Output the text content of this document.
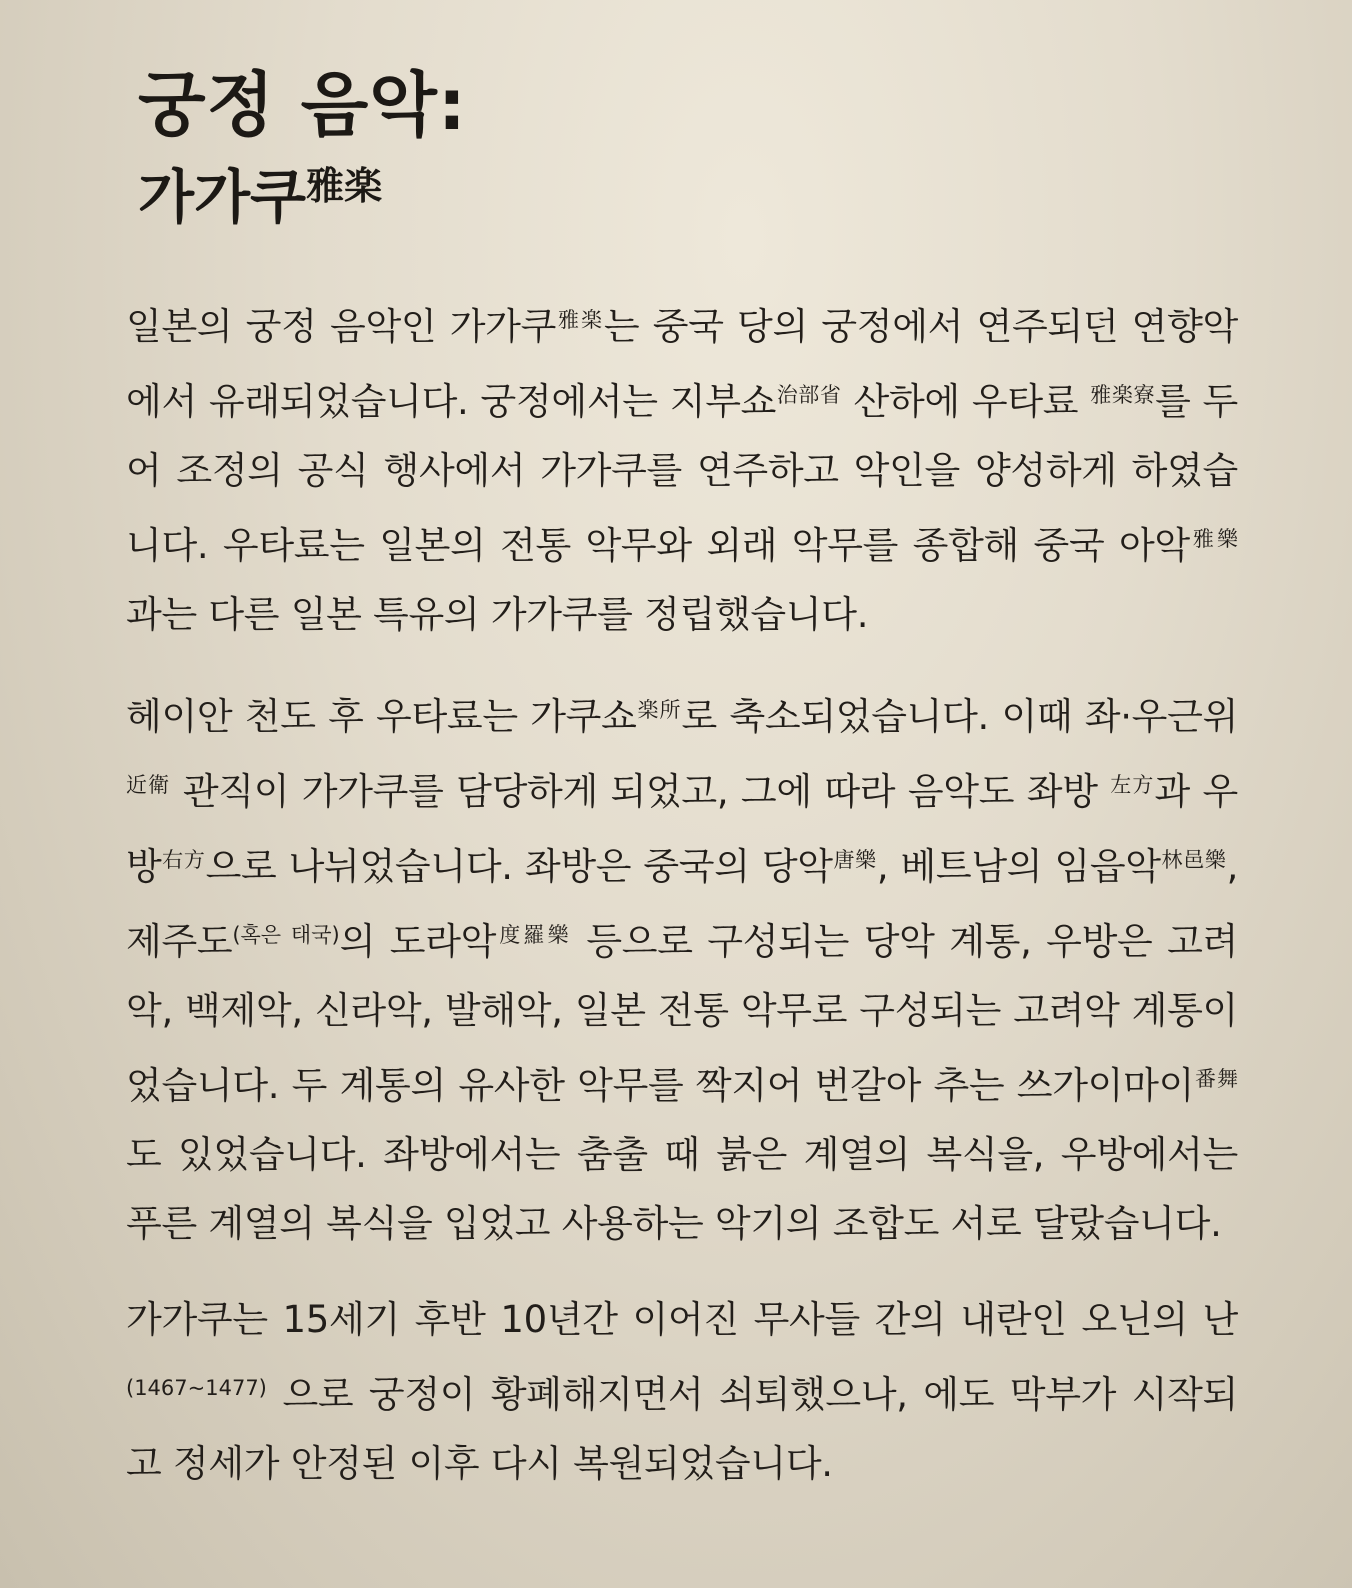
궁정 음악:
가가쿠$^{雅楽}$

일본의 궁정 음악인 가가쿠$^{雅楽}$는 중국 당의 궁정에서 연주되던 연향악에서 유래되었습니다. 궁정에서는 지부쇼$^{治部省}$ 산하에 우타료 $^{雅楽寮}$를 두어 조정의 공식 행사에서 가가쿠를 연주하고 악인을 양성하게 하였습니다. 우타료는 일본의 전통 악무와 외래 악무를 종합해 중국 아악$^{雅樂}$과는 다른 일본 특유의 가가쿠를 정립했습니다.

헤이안 천도 후 우타료는 가쿠쇼$^{楽所}$로 축소되었습니다. 이때 좌·우근위$^{近衛}$ 관직이 가가쿠를 담당하게 되었고, 그에 따라 음악도 좌방 $^{左方}$과 우방$^{右方}$으로 나뉘었습니다. 좌방은 중국의 당악$^{唐樂}$, 베트남의 임읍악$^{林邑樂}$, 제주도$^{(혹은 태국)}$의 도라악$^{度羅樂}$ 등으로 구성되는 당악 계통, 우방은 고려악, 백제악, 신라악, 발해악, 일본 전통 악무로 구성되는 고려악 계통이었습니다. 두 계통의 유사한 악무를 짝지어 번갈아 추는 쓰가이마이$^{番舞}$도 있었습니다. 좌방에서는 춤출 때 붉은 계열의 복식을, 우방에서는 푸른 계열의 복식을 입었고 사용하는 악기의 조합도 서로 달랐습니다.

가가쿠는 15세기 후반 10년간 이어진 무사들 간의 내란인 오닌의 난$^{(1467\sim 1477)}$ 으로 궁정이 황폐해지면서 쇠퇴했으나, 에도 막부가 시작되고 정세가 안정된 이후 다시 복원되었습니다.
